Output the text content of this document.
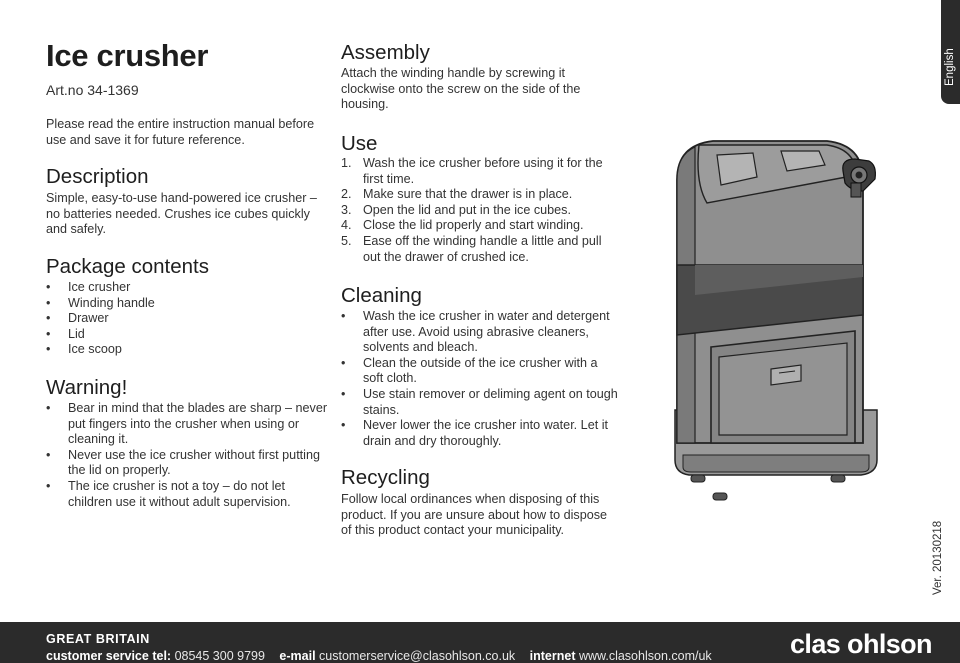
Ice crusher
Art.no 34-1369
Please read the entire instruction manual before use and save it for future reference.
Description
Simple, easy-to-use hand-powered ice crusher – no batteries needed. Crushes ice cubes quickly and safely.
Package contents
• Ice crusher
• Winding handle
• Drawer
• Lid
• Ice scoop
Warning!
• Bear in mind that the blades are sharp – never put fingers into the crusher when using or cleaning it.
• Never use the ice crusher without first putting the lid on properly.
• The ice crusher is not a toy – do not let children use it without adult supervision.
Assembly
Attach the winding handle by screwing it clockwise onto the screw on the side of the housing.
Use
1. Wash the ice crusher before using it for the first time.
2. Make sure that the drawer is in place.
3. Open the lid and put in the ice cubes.
4. Close the lid properly and start winding.
5. Ease off the winding handle a little and pull out the drawer of crushed ice.
Cleaning
• Wash the ice crusher in water and detergent after use. Avoid using abrasive cleaners, solvents and bleach.
• Clean the outside of the ice crusher with a soft cloth.
• Use stain remover or deliming agent on tough stains.
• Never lower the ice crusher into water. Let it drain and dry thoroughly.
Recycling
Follow local ordinances when disposing of this product. If you are unsure about how to dispose of this product contact your municipality.
English
Ver. 20130218
GREAT BRITAIN
customer service tel: 08545 300 9799 e-mail customerservice@clasohlson.co.uk internet www.clasohlson.com/uk	clas ohlson
